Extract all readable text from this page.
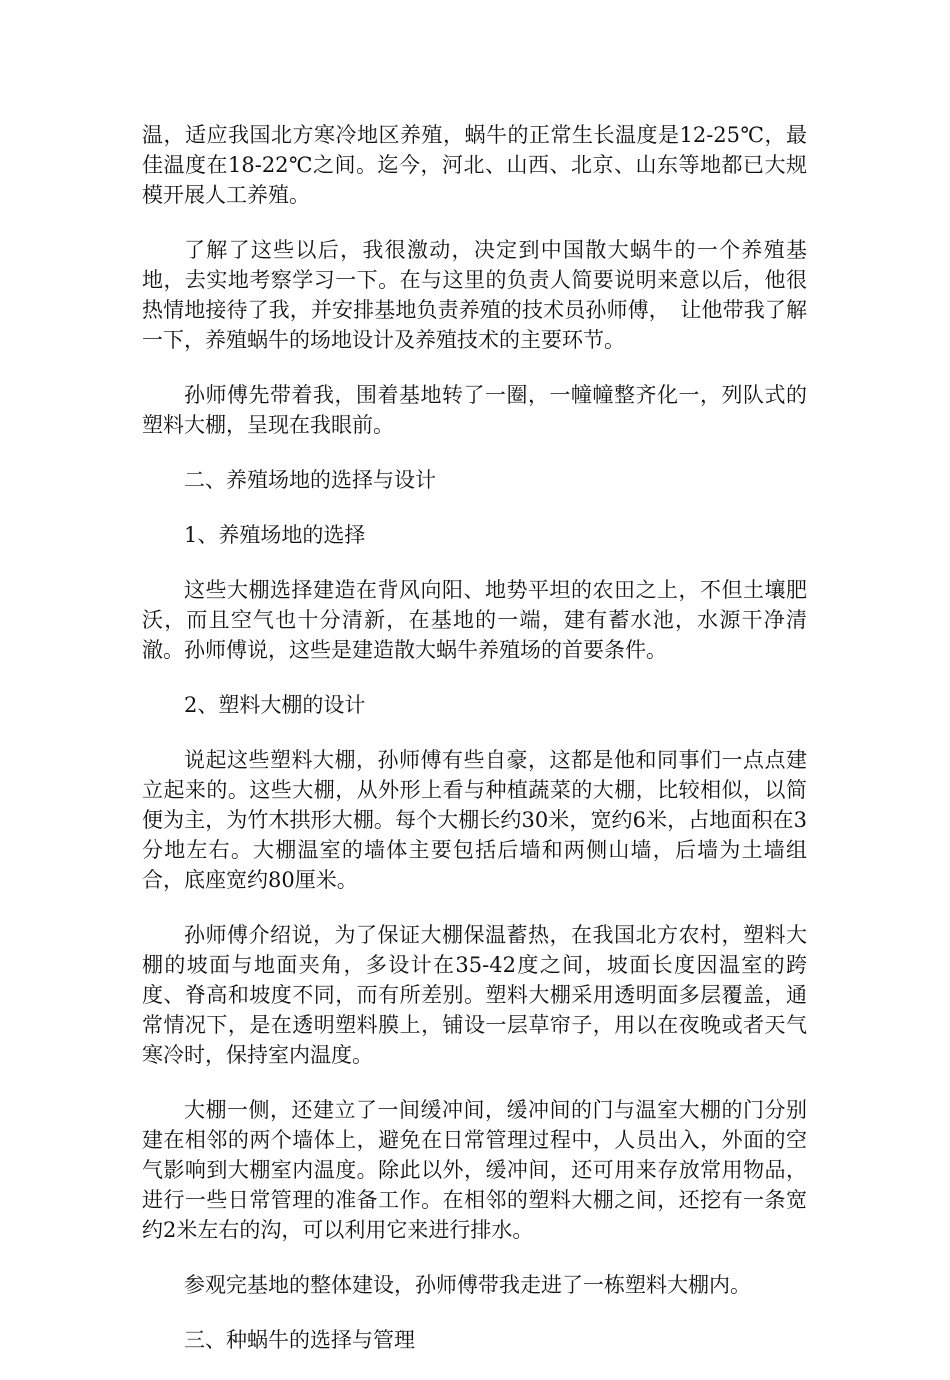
温，适应我国北方寒冷地区养殖，蜗牛的正常生长温度是12-25℃，最佳温度在18-22℃之间。迄今，河北、山西、北京、山东等地都已大规模开展人工养殖。

了解了这些以后，我很激动，决定到中国散大蜗牛的一个养殖基地，去实地考察学习一下。在与这里的负责人简要说明来意以后，他很热情地接待了我，并安排基地负责养殖的技术员孙师傅，　让他带我了解一下，养殖蜗牛的场地设计及养殖技术的主要环节。

孙师傅先带着我，围着基地转了一圈，一幢幢整齐化一，列队式的塑料大棚，呈现在我眼前。

二、养殖场地的选择与设计

1、养殖场地的选择

这些大棚选择建造在背风向阳、地势平坦的农田之上，不但土壤肥沃，而且空气也十分清新，在基地的一端，建有蓄水池，水源干净清澈。孙师傅说，这些是建造散大蜗牛养殖场的首要条件。

2、塑料大棚的设计

说起这些塑料大棚，孙师傅有些自豪，这都是他和同事们一点点建立起来的。这些大棚，从外形上看与种植蔬菜的大棚，比较相似，以简便为主，为竹木拱形大棚。每个大棚长约30米，宽约6米，占地面积在3分地左右。大棚温室的墙体主要包括后墙和两侧山墙，后墙为土墙组合，底座宽约80厘米。

孙师傅介绍说，为了保证大棚保温蓄热，在我国北方农村，塑料大棚的坡面与地面夹角，多设计在35-42度之间，坡面长度因温室的跨度、脊高和坡度不同，而有所差别。塑料大棚采用透明面多层覆盖，通常情况下，是在透明塑料膜上，铺设一层草帘子，用以在夜晚或者天气寒冷时，保持室内温度。

大棚一侧，还建立了一间缓冲间，缓冲间的门与温室大棚的门分别建在相邻的两个墙体上，避免在日常管理过程中，人员出入，外面的空气影响到大棚室内温度。除此以外，缓冲间，还可用来存放常用物品，进行一些日常管理的准备工作。在相邻的塑料大棚之间，还挖有一条宽约2米左右的沟，可以利用它来进行排水。

参观完基地的整体建设，孙师傅带我走进了一栋塑料大棚内。

三、种蜗牛的选择与管理
